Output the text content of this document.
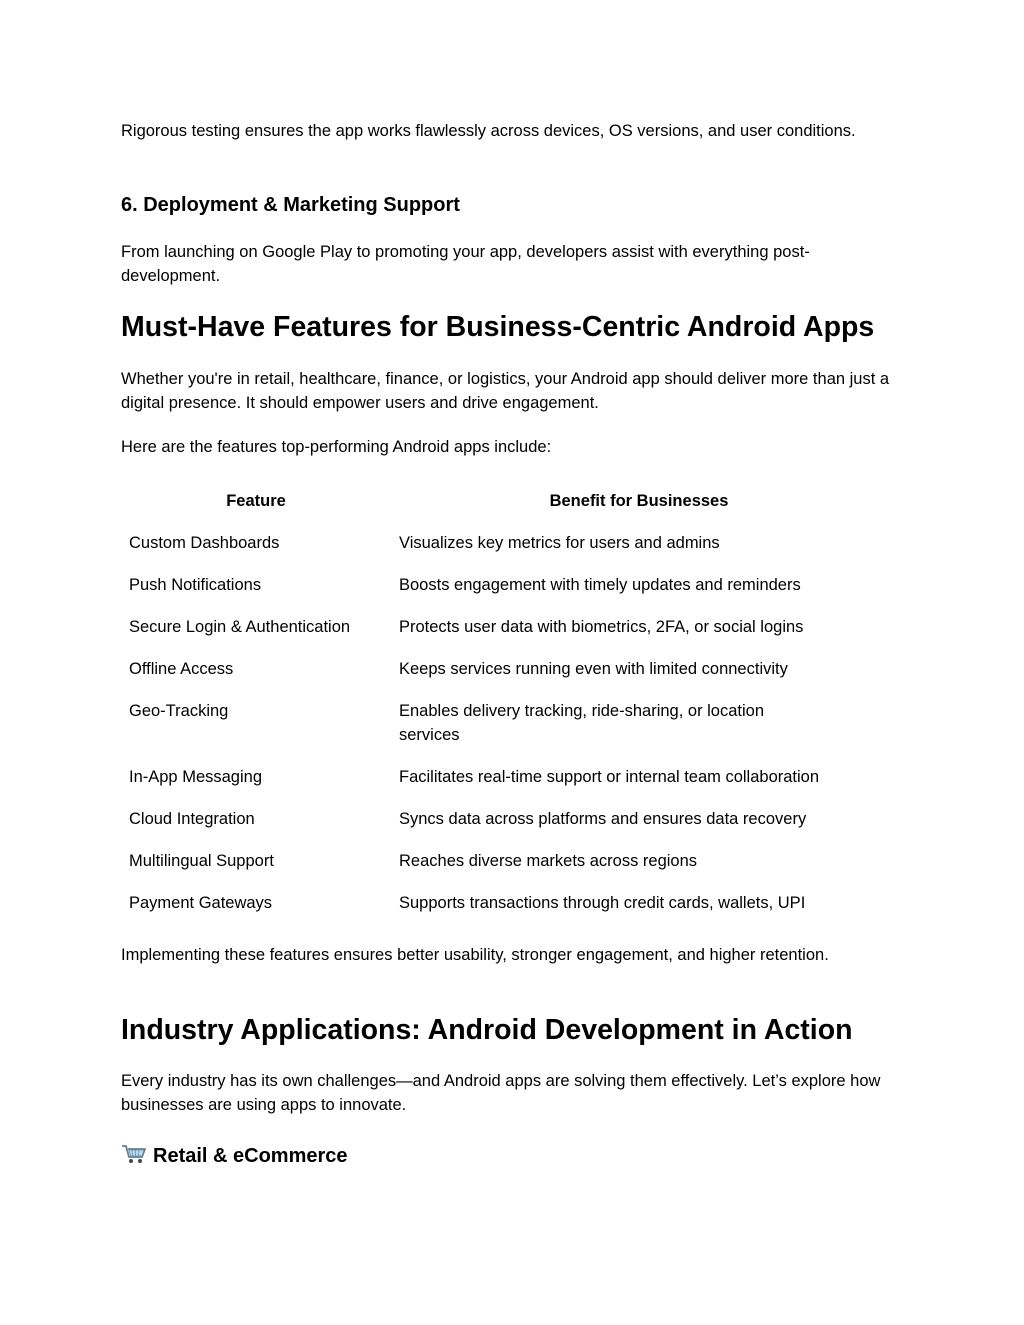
Rigorous testing ensures the app works flawlessly across devices, OS versions, and user conditions.

6. Deployment & Marketing Support

From launching on Google Play to promoting your app, developers assist with everything post-development.

Must-Have Features for Business-Centric Android Apps

Whether you're in retail, healthcare, finance, or logistics, your Android app should deliver more than just a digital presence. It should empower users and drive engagement.

Here are the features top-performing Android apps include:

Feature	Benefit for Businesses
Custom Dashboards	Visualizes key metrics for users and admins
Push Notifications	Boosts engagement with timely updates and reminders
Secure Login & Authentication	Protects user data with biometrics, 2FA, or social logins
Offline Access	Keeps services running even with limited connectivity
Geo-Tracking	Enables delivery tracking, ride-sharing, or location services
In-App Messaging	Facilitates real-time support or internal team collaboration
Cloud Integration	Syncs data across platforms and ensures data recovery
Multilingual Support	Reaches diverse markets across regions
Payment Gateways	Supports transactions through credit cards, wallets, UPI

Implementing these features ensures better usability, stronger engagement, and higher retention.

Industry Applications: Android Development in Action

Every industry has its own challenges—and Android apps are solving them effectively. Let’s explore how businesses are using apps to innovate.

Retail & eCommerce
